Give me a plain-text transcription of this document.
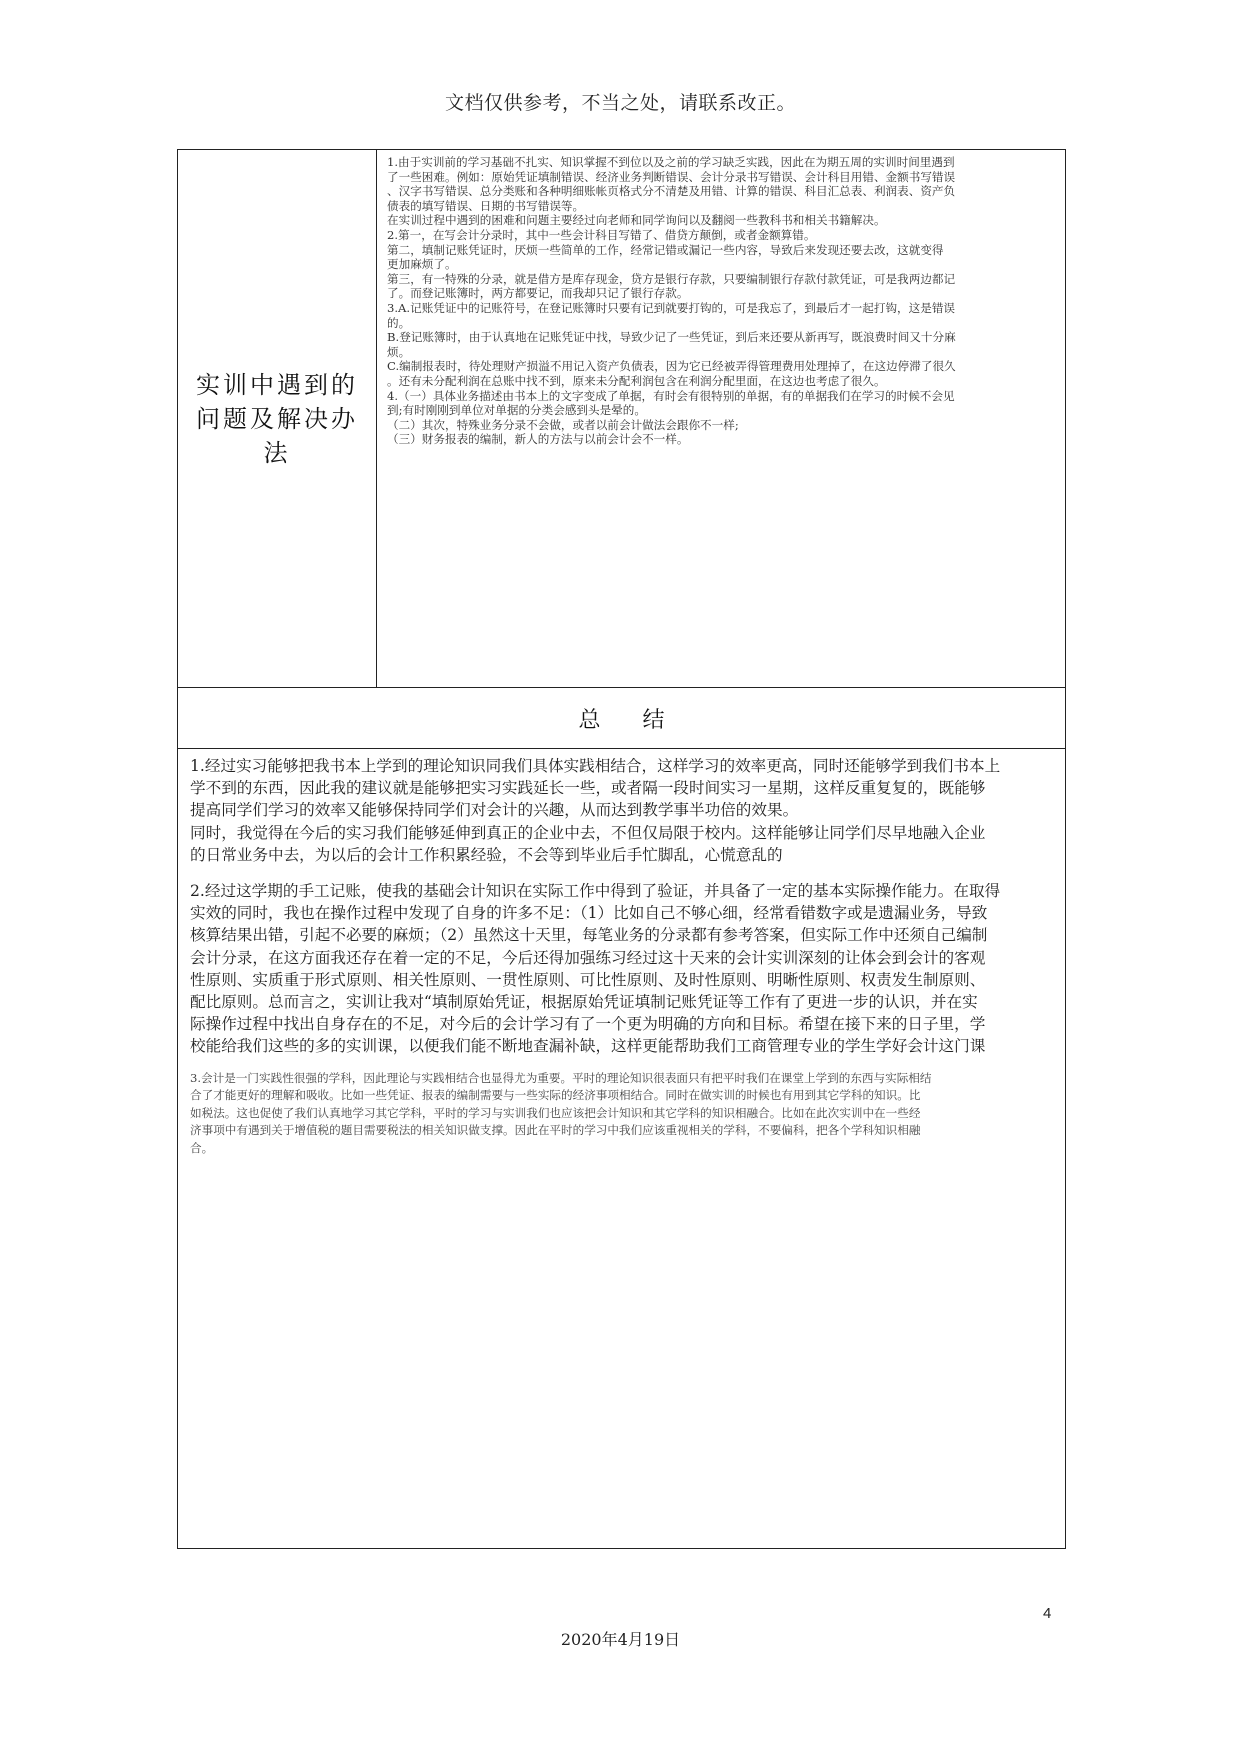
文档仅供参考，不当之处，请联系改正。
实训中遇到的问题及解决办法

1.由于实训前的学习基础不扎实、知识掌握不到位以及之前的学习缺乏实践，因此在为期五周的实训时间里遇到

了一些困难。例如：原始凭证填制错误、经济业务判断错误、会计分录书写错误、会计科目用错、金额书写错误

、汉字书写错误、总分类账和各种明细账帐页格式分不清楚及用错、计算的错误、科目汇总表、利润表、资产负

债表的填写错误、日期的书写错误等。

在实训过程中遇到的困难和问题主要经过向老师和同学询问以及翻阅一些教科书和相关书籍解决。

2.第一，在写会计分录时，其中一些会计科目写错了、借贷方颠倒，或者金额算错。

第二，填制记账凭证时，厌烦一些简单的工作，经常记错或漏记一些内容，导致后来发现还要去改，这就变得

更加麻烦了。

第三，有一特殊的分录，就是借方是库存现金，贷方是银行存款，只要编制银行存款付款凭证，可是我两边都记

了。而登记账簿时，两方都要记，而我却只记了银行存款。

3.A.记账凭证中的记账符号，在登记账簿时只要有记到就要打钩的，可是我忘了，到最后才一起打钩，这是错误

的。

B.登记账簿时，由于认真地在记账凭证中找，导致少记了一些凭证，到后来还要从新再写，既浪费时间又十分麻

烦。

C.编制报表时，待处理财产损溢不用记入资产负债表，因为它已经被弄得管理费用处理掉了，在这边停滞了很久

。还有未分配利润在总账中找不到，原来未分配利润包含在利润分配里面，在这边也考虑了很久。

4.（一）具体业务描述由书本上的文字变成了单据，有时会有很特别的单据，有的单据我们在学习的时候不会见

到;有时刚刚到单位对单据的分类会感到头是晕的。

（二）其次，特殊业务分录不会做，或者以前会计做法会跟你不一样;

（三）财务报表的编制，新人的方法与以前会计会不一样。

总结

1.经过实习能够把我书本上学到的理论知识同我们具体实践相结合，这样学习的效率更高，同时还能够学到我们书本上

学不到的东西，因此我的建议就是能够把实习实践延长一些，或者隔一段时间实习一星期，这样反重复复的，既能够

提高同学们学习的效率又能够保持同学们对会计的兴趣，从而达到教学事半功倍的效果。

同时，我觉得在今后的实习我们能够延伸到真正的企业中去，不但仅局限于校内。这样能够让同学们尽早地融入企业

的日常业务中去，为以后的会计工作积累经验，不会等到毕业后手忙脚乱，心慌意乱的

2.经过这学期的手工记账，使我的基础会计知识在实际工作中得到了验证，并具备了一定的基本实际操作能力。在取得

实效的同时，我也在操作过程中发现了自身的许多不足：（1）比如自己不够心细，经常看错数字或是遗漏业务，导致

核算结果出错，引起不必要的麻烦；（2）虽然这十天里，每笔业务的分录都有参考答案，但实际工作中还须自己编制

会计分录，在这方面我还存在着一定的不足，今后还得加强练习经过这十天来的会计实训深刻的让体会到会计的客观

性原则、实质重于形式原则、相关性原则、一贯性原则、可比性原则、及时性原则、明晰性原则、权责发生制原则、

配比原则。总而言之，实训让我对“填制原始凭证，根据原始凭证填制记账凭证等工作有了更进一步的认识，并在实

际操作过程中找出自身存在的不足，对今后的会计学习有了一个更为明确的方向和目标。希望在接下来的日子里，学

校能给我们这些的多的实训课，以便我们能不断地查漏补缺，这样更能帮助我们工商管理专业的学生学好会计这门课

3.会计是一门实践性很强的学科，因此理论与实践相结合也显得尤为重要。平时的理论知识很表面只有把平时我们在课堂上学到的东西与实际相结

合了才能更好的理解和吸收。比如一些凭证、报表的编制需要与一些实际的经济事项相结合。同时在做实训的时候也有用到其它学科的知识。比

如税法。这也促使了我们认真地学习其它学科，平时的学习与实训我们也应该把会计知识和其它学科的知识相融合。比如在此次实训中在一些经

济事项中有遇到关于增值税的题目需要税法的相关知识做支撑。因此在平时的学习中我们应该重视相关的学科，不要偏科，把各个学科知识相融

合。

4
2020年4月19日
